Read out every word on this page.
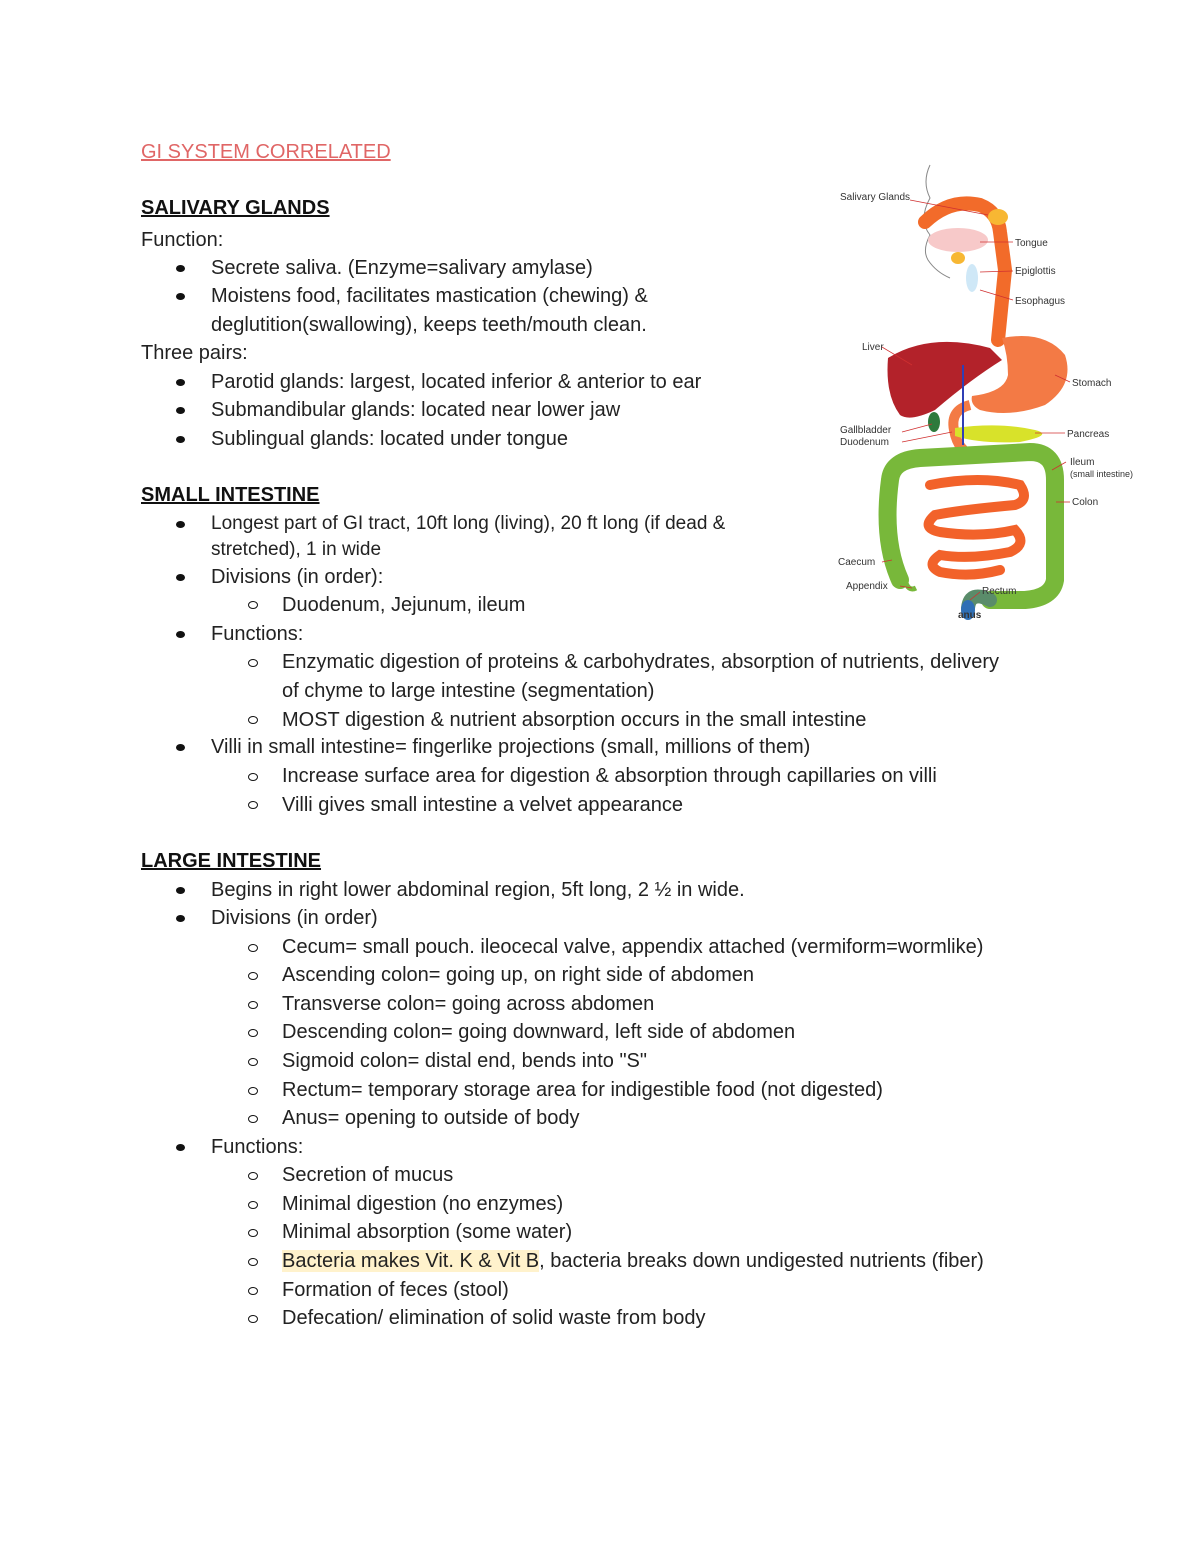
GI SYSTEM CORRELATED
SALIVARY GLANDS
Function:
Secrete saliva. (Enzyme=salivary amylase)
Moistens food, facilitates mastication (chewing) &
deglutition(swallowing), keeps teeth/mouth clean.
Three pairs:
Parotid glands: largest, located inferior & anterior to ear
Submandibular glands: located near lower jaw
Sublingual glands: located under tongue
SMALL INTESTINE
Longest part of GI tract, 10ft long (living), 20 ft long (if dead &
stretched), 1 in wide
Divisions (in order):
Duodenum, Jejunum, ileum
Functions:
Enzymatic digestion of proteins & carbohydrates, absorption of nutrients, delivery
of chyme to large intestine (segmentation)
MOST digestion & nutrient absorption occurs in the small intestine
Villi in small intestine= fingerlike projections (small, millions of them)
Increase surface area for digestion & absorption through capillaries on villi
Villi gives small intestine a velvet appearance
LARGE INTESTINE
Begins in right lower abdominal region, 5ft long, 2 ½ in wide.
Divisions (in order)
Cecum= small pouch. ileocecal valve, appendix attached (vermiform=wormlike)
Ascending colon= going up, on right side of abdomen
Transverse colon= going across abdomen
Descending colon= going downward, left side of abdomen
Sigmoid colon= distal end, bends into "S"
Rectum= temporary storage area for indigestible food (not digested)
Anus= opening to outside of body
Functions:
Secretion of mucus
Minimal digestion (no enzymes)
Minimal absorption (some water)
Bacteria makes Vit. K & Vit B, bacteria breaks down undigested nutrients (fiber)
Formation of feces (stool)
Defecation/ elimination of solid waste from body
Salivary Glands
Tongue
Epiglottis
Esophagus
Liver
Stomach
Gallbladder
Duodenum
Pancreas
Ileum
(small intestine)
Colon
Caecum
Appendix	Rectum
anus
